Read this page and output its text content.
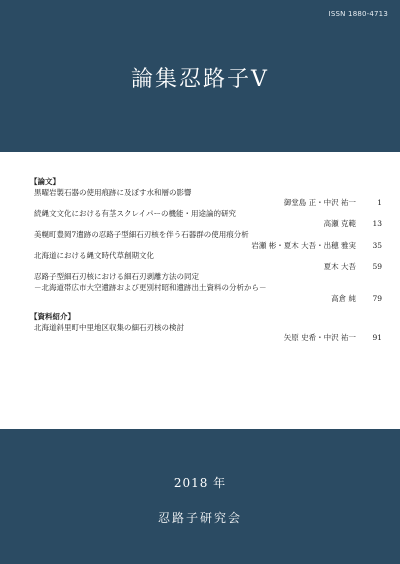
ISSN 1880-4713
論集忍路子Ⅴ
【論文】
黒曜岩製石器の使用痕跡に及ぼす水和層の影響
御堂島 正・中沢 祐一	1
続縄文文化における有茎スクレイパーの機能・用途論的研究
高瀬 克範	13
美幌町豊岡7遺跡の忍路子型細石刃核を伴う石器群の使用痕分析
岩瀬 彬・夏木 大吾・出穂 雅実	35
北海道における縄文時代草創期文化
夏木 大吾	59
忍路子型細石刃核における細石刃剥離方法の同定
－北海道帯広市大空遺跡および更別村昭和遺跡出土資料の分析から－
高倉 純	79
【資料紹介】
北海道斜里町中里地区収集の細石刃核の検討
矢原 史希・中沢 祐一	91
2018 年
忍路子研究会
